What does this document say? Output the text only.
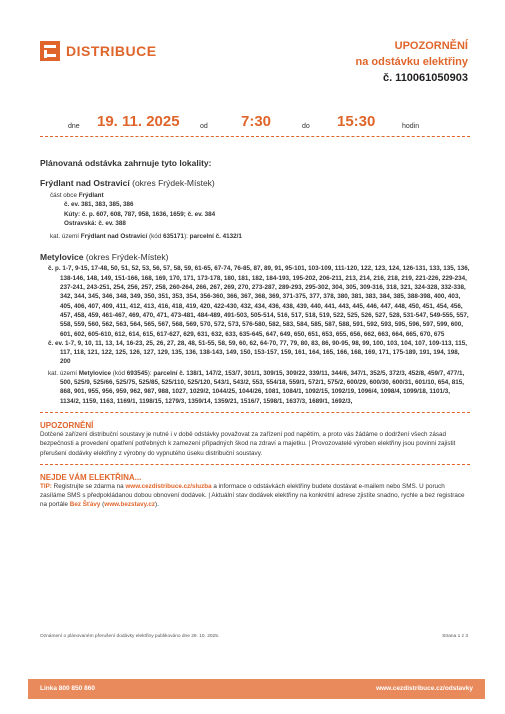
DISTRIBUCE	UPOZORNĚNÍ
na odstávku elektřiny
č. 110061050903
dne 19. 11. 2025	od 7:30	do 15:30	hodin
Plánovaná odstávka zahrnuje tyto lokality:
Frýdlant nad Ostravicí (okres Frýdek-Místek)
část obce Frýdlant
č. ev. 381, 383, 385, 386
Kúty: č. p. 607, 608, 787, 958, 1636, 1659; č. ev. 384
Ostravská: č. ev. 388
kat. území Frýdlant nad Ostravicí (kód 635171): parcelní č. 4132/1
Metylovice (okres Frýdek-Místek)
č. p. 1-7, 9-15, 17-48, 50, 51, 52, 53, 56, 57, 58, 59, 61-65, 67-74, 76-85, 87, 89, 91, 95-101, 103-109, 111-120, 122, 123, 124, 126-131, 133, 135, 136, 138-146, 148, 149, 151-166, 168, 169, 170, 171, 173-178, 180, 181, 182, 184-193, 195-202, 206-211, 213, 214, 216, 218, 219, 221-226, 229-234, 237-241, 243-251, 254, 256, 257, 258, 260-264, 266, 267, 269, 270, 273-287, 289-293, 295-302, 304, 305, 309-316, 318, 321, 324-328, 332-338, 342, 344, 345, 346, 348, 349, 350, 351, 353, 354, 356-360, 366, 367, 368, 369, 371-375, 377, 378, 380, 381, 383, 384, 385, 388-398, 400, 403, 405, 406, 407, 409, 411, 412, 413, 416, 418, 419, 420, 422-430, 432, 434, 436, 438, 439, 440, 441, 443, 445, 446, 447, 448, 450, 451, 454, 456, 457, 458, 459, 461-467, 469, 470, 471, 473-481, 484-489, 491-503, 505-514, 516, 517, 518, 519, 522, 525, 526, 527, 528, 531-547, 549-555, 557, 558, 559, 560, 562, 563, 564, 565, 567, 568, 569, 570, 572, 573, 576-580, 582, 583, 584, 585, 587, 588, 591, 592, 593, 595, 596, 597, 599, 600, 601, 602, 605-610, 612, 614, 615, 617-627, 629, 631, 632, 633, 635-645, 647, 649, 650, 651, 653, 655, 656, 662, 663, 664, 665, 670, 675
č. ev. 1-7, 9, 10, 11, 13, 14, 16-23, 25, 26, 27, 28, 48, 51-55, 58, 59, 60, 62, 64-70, 77, 79, 80, 83, 86, 90-95, 98, 99, 100, 103, 104, 107, 109-113, 115, 117, 118, 121, 122, 125, 126, 127, 129, 135, 136, 138-143, 149, 150, 153-157, 159, 161, 164, 165, 166, 168, 169, 171, 175-189, 191, 194, 198, 200
kat. území Metylovice (kód 693545): parcelní č. 138/1, 147/2, 153/7, 301/1, 309/15, 309/22, 339/11, 344/6, 347/1, 352/5, 372/3, 452/8, 459/7, 477/1, 500, 525/9, 525/66, 525/75, 525/85, 525/110, 525/120, 543/1, 543/2, 553, 554/18, 559/1, 572/1, 575/2, 600/29, 600/30, 600/31, 601/10, 654, 815, 868, 901, 955, 956, 959, 962, 987, 988, 1027, 1029/2, 1044/25, 1044/26, 1081, 1084/1, 1092/15, 1092/19, 1096/4, 1098/4, 1099/18, 1101/3, 1134/2, 1159, 1163, 1169/1, 1198/15, 1279/3, 1359/14, 1359/21, 1516/7, 1598/1, 1637/3, 1689/1, 1692/3,
UPOZORNĚNÍ
Dotčené zařízení distribuční soustavy je nutné i v době odstávky považovat za zařízení pod napětím, a proto vás žádáme o dodržení všech zásad bezpečnosti a provedení opatření potřebných k zamezení případných škod na zdraví a majetku. | Provozovatelé výroben elektřiny jsou povinni zajistit přerušení dodávky elektřiny z výrobny do vypnutého úseku distribuční soustavy.
NEJDE VÁM ELEKTŘINA...
TIP: Registrujte se zdarma na www.cezdistribuce.cz/sluzba a informace o odstávkách elektřiny budete dostávat e-mailem nebo SMS. U poruch zasíláme SMS s předpokládanou dobou obnovení dodávek. | Aktuální stav dodávek elektřiny na konkrétní adrese zjistíte snadno, rychle a bez registrace na portále Bez Šťávy (www.bezstavy.cz).
Oznámení o plánovaném přerušení dodávky elektřiny publikováno dne 29. 10. 2025.	Strana 1 z 3
Linka 800 850 860	www.cezdistribuce.cz/odstavky
